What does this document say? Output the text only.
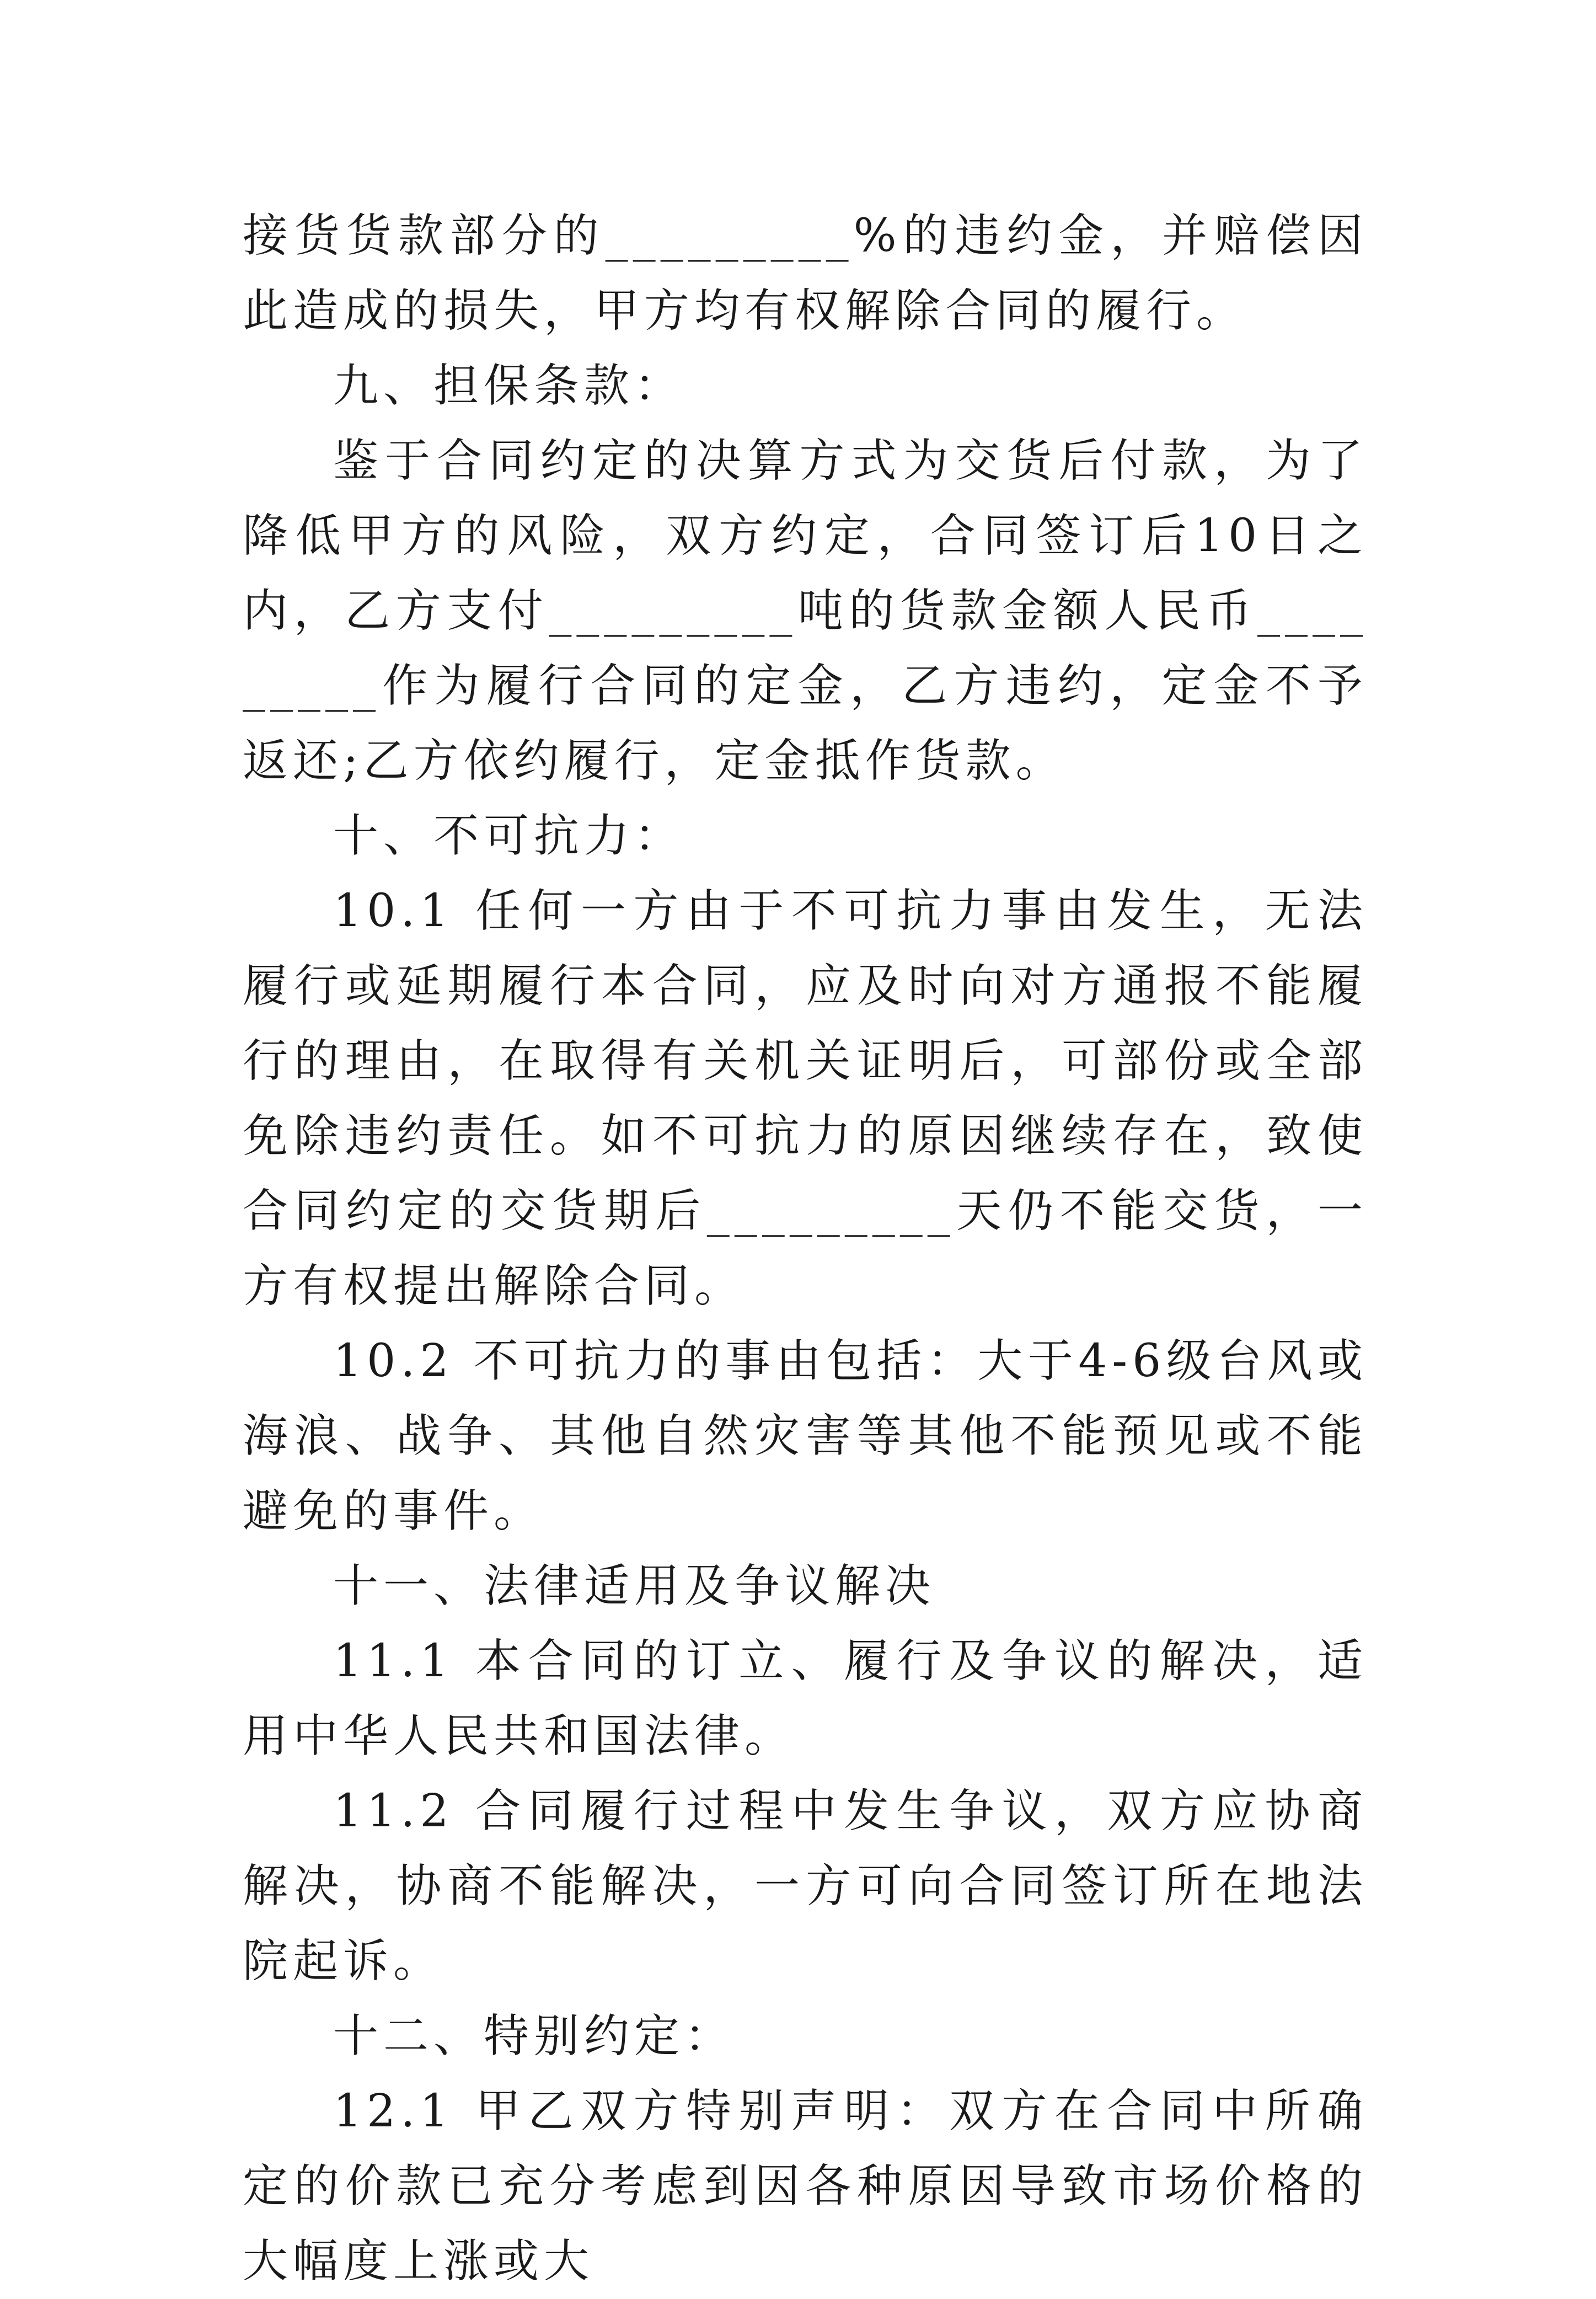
接货货款部分的_________%的违约金，并赔偿因此造成的损失，甲方均有权解除合同的履行。

九、担保条款：

鉴于合同约定的决算方式为交货后付款，为了降低甲方的风险，双方约定，合同签订后10日之内，乙方支付_________吨的货款金额人民币_________作为履行合同的定金，乙方违约，定金不予返还;乙方依约履行，定金抵作货款。

十、不可抗力：

10.1 任何一方由于不可抗力事由发生，无法履行或延期履行本合同，应及时向对方通报不能履行的理由，在取得有关机关证明后，可部份或全部免除违约责任。如不可抗力的原因继续存在，致使合同约定的交货期后_________天仍不能交货，一方有权提出解除合同。

10.2 不可抗力的事由包括：大于4-6级台风或海浪、战争、其他自然灾害等其他不能预见或不能避免的事件。

十一、法律适用及争议解决

11.1 本合同的订立、履行及争议的解决，适用中华人民共和国法律。

11.2 合同履行过程中发生争议，双方应协商解决，协商不能解决，一方可向合同签订所在地法院起诉。

十二、特别约定：

12.1 甲乙双方特别声明：双方在合同中所确定的价款已充分考虑到因各种原因导致市场价格的大幅度上涨或大
